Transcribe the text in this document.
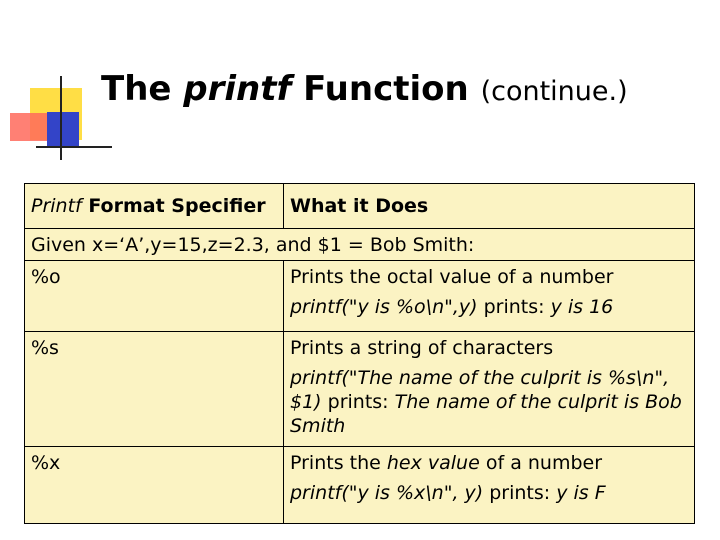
The printf Function (continue.)
Printf Format Specifier	What it Does
Given x=‘A’,y=15,z=2.3, and $1 = Bob Smith:	
%o	Prints the octal value of a number
printf("y is %o\n",y) prints: y is 16

%s	Prints a string of characters
printf("The name of the culprit is %s\n", $1) prints: The name of the culprit is Bob Smith

%x	Prints the hex value of a number
printf("y is %x\n", y) prints: y is F
